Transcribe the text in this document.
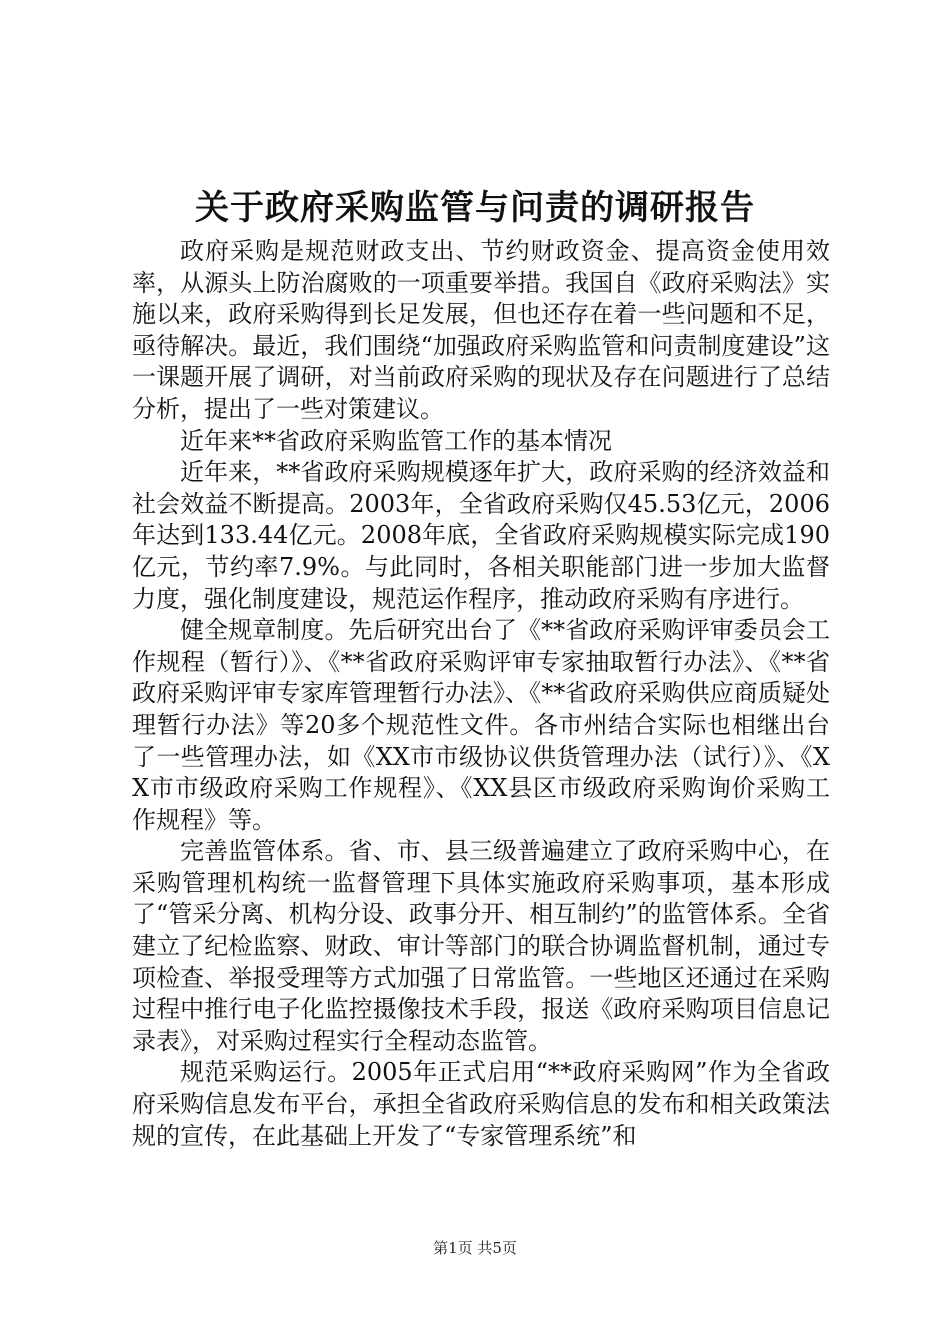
关于政府采购监管与问责的调研报告

政府采购是规范财政支出、节约财政资金、提高资金使用效率，从源头上防治腐败的一项重要举措。我国自《政府采购法》实施以来，政府采购得到长足发展，但也还存在着一些问题和不足，亟待解决。最近，我们围绕“加强政府采购监管和问责制度建设”这一课题开展了调研，对当前政府采购的现状及存在问题进行了总结分析，提出了一些对策建议。

近年来**省政府采购监管工作的基本情况

近年来，**省政府采购规模逐年扩大，政府采购的经济效益和社会效益不断提高。2003年，全省政府采购仅45.53亿元，2006年达到133.44亿元。2008年底，全省政府采购规模实际完成190亿元，节约率7.9%。与此同时，各相关职能部门进一步加大监督力度，强化制度建设，规范运作程序，推动政府采购有序进行。

健全规章制度。先后研究出台了《**省政府采购评审委员会工作规程（暂行）》、《**省政府采购评审专家抽取暂行办法》、《**省政府采购评审专家库管理暂行办法》、《**省政府采购供应商质疑处理暂行办法》等20多个规范性文件。各市州结合实际也相继出台了一些管理办法，如《XX市市级协议供货管理办法（试行）》、《XX市市级政府采购工作规程》、《XX县区市级政府采购询价采购工作规程》等。

完善监管体系。省、市、县三级普遍建立了政府采购中心，在采购管理机构统一监督管理下具体实施政府采购事项，基本形成了“管采分离、机构分设、政事分开、相互制约”的监管体系。全省建立了纪检监察、财政、审计等部门的联合协调监督机制，通过专项检查、举报受理等方式加强了日常监管。一些地区还通过在采购过程中推行电子化监控摄像技术手段，报送《政府采购项目信息记录表》，对采购过程实行全程动态监管。

规范采购运行。2005年正式启用“**政府采购网”作为全省政府采购信息发布平台，承担全省政府采购信息的发布和相关政策法规的宣传，在此基础上开发了“专家管理系统”和

第1页 共5页
